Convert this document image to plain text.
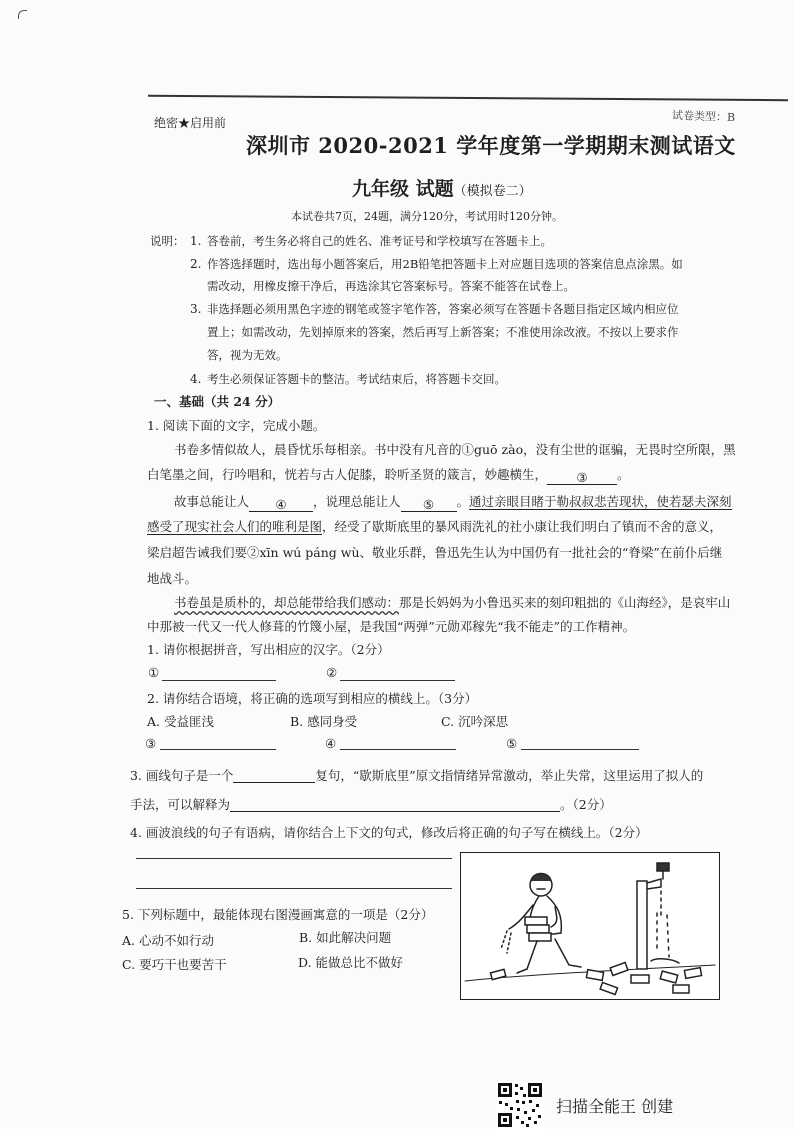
绝密★启用前	试卷类型：B
深圳市 2020-2021 学年度第一学期期末测试语文
九年级 试题（模拟卷二）
本试卷共7页，24题，满分120分，考试用时120分钟。
说明： 1. 答卷前，考生务必将自己的姓名、准考证号和学校填写在答题卡上。
2. 作答选择题时，选出每小题答案后，用2B铅笔把答题卡上对应题目选项的答案信息点涂黑。如
需改动，用橡皮擦干净后，再选涂其它答案标号。答案不能答在试卷上。
3. 非选择题必须用黑色字迹的钢笔或签字笔作答，答案必须写在答题卡各题目指定区域内相应位
置上；如需改动，先划掉原来的答案，然后再写上新答案；不准使用涂改液。不按以上要求作
答，视为无效。
4. 考生必须保证答题卡的整洁。考试结束后，将答题卡交回。
一、基础（共 24 分）
1. 阅读下面的文字，完成小题。
书卷多情似故人，晨昏忧乐每相亲。书中没有凡音的①guō zào，没有尘世的诓骗，无畏时空所限，黑
白笔墨之间，行吟唱和，恍若与古人促膝，聆听圣贤的箴言，妙趣横生， ③ 。
故事总能让人 ④ ，说理总能让人 ⑤ 。通过亲眼目睹于勒叔叔悲苦现状，使若瑟夫深刻
感受了现实社会人们的唯利是图，经受了歇斯底里的暴风雨洗礼的社小康让我们明白了镇而不舍的意义，
梁启超告诫我们要②xīn wú páng wù、敬业乐群，鲁迅先生认为中国仍有一批社会的“脊梁”在前仆后继
地战斗。
书卷虽是质朴的，却总能带给我们感动：那是长妈妈为小鲁迅买来的刻印粗拙的《山海经》，是哀牢山
中那被一代又一代人修葺的竹篾小屋，是我国“两弹”元勋邓稼先“我不能走”的工作精神。
1. 请你根据拼音，写出相应的汉字。（2分）
①	②
2. 请你结合语境，将正确的选项写到相应的横线上。（3分）
A. 受益匪浅	B. 感同身受	C. 沉吟深思
③	④	⑤
3. 画线句子是一个	复句，“歇斯底里”原文指情绪异常激动，举止失常，这里运用了拟人的
手法，可以解释为	。（2分）
4. 画波浪线的句子有语病，请你结合上下文的句式，修改后将正确的句子写在横线上。（2分）
5. 下列标题中，最能体现右图漫画寓意的一项是（2分）
A. 心动不如行动	B. 如此解决问题
C. 要巧干也要苦干	D. 能做总比不做好
扫描全能王 创建
